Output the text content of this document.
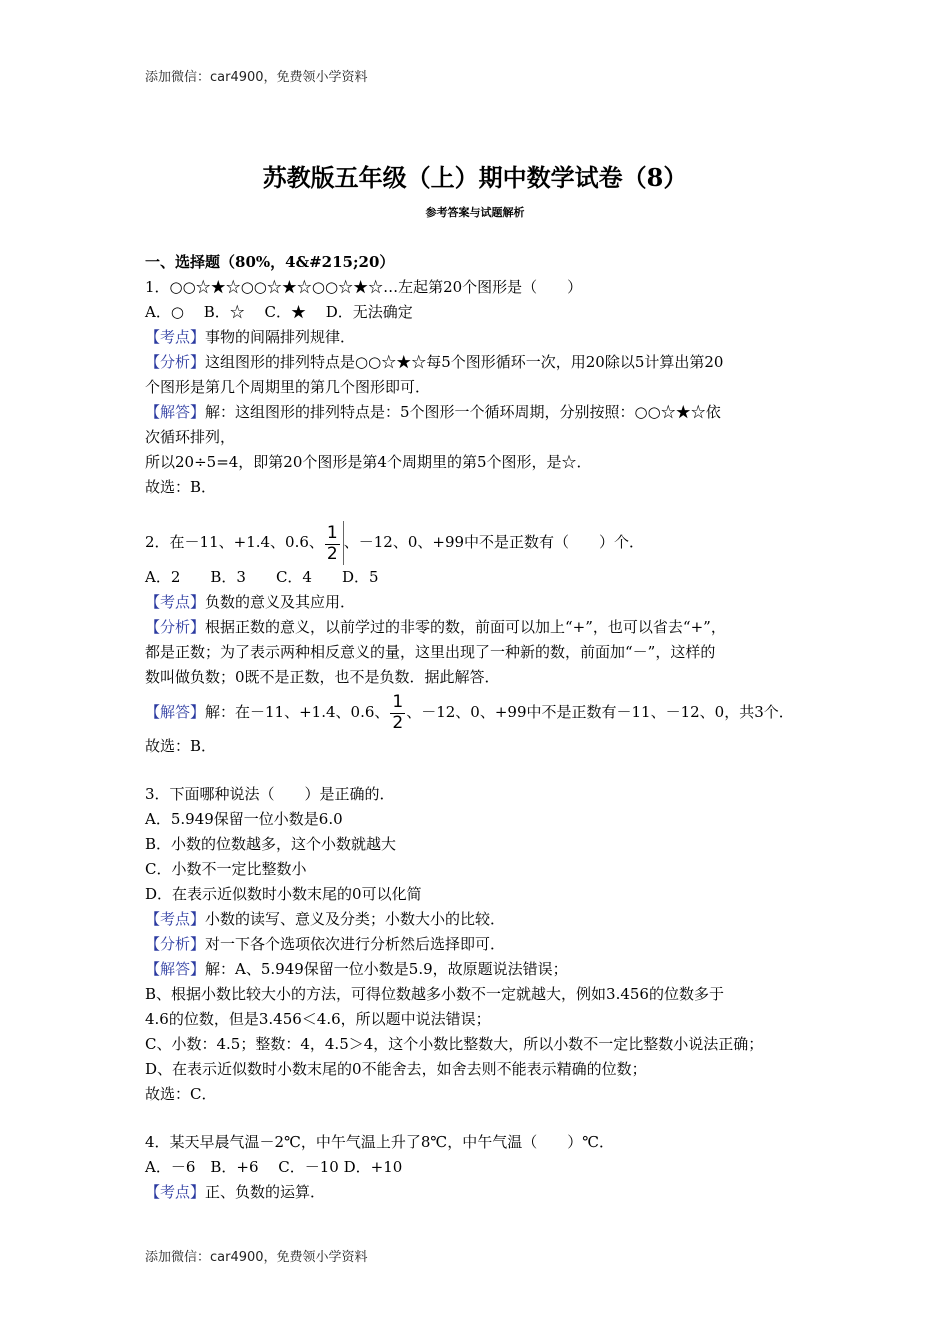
添加微信：car4900，免费领小学资料
苏教版五年级（上）期中数学试卷（8）
参考答案与试题解析

一、选择题（80%，4&#215;20）

1．○○☆★☆○○☆★☆○○☆★☆…左起第20个图形是（　　）

A．○　 B．☆　 C．★　 D．无法确定

【考点】事物的间隔排列规律．

【分析】这组图形的排列特点是○○☆★☆每5个图形循环一次，用20除以5计算出第20

个图形是第几个周期里的第几个图形即可．

【解答】解：这组图形的排列特点是：5个图形一个循环周期，分别按照：○○☆★☆依

次循环排列，

所以20÷5=4，即第20个图形是第4个周期里的第5个图形，是☆．

故选：B．

2．在－11、+1.4、0.6、 $\frac{1}{2}$ 、－12、0、+99中不是正数有（　　）个．

A．2　　B．3　　C．4　　D．5

【考点】负数的意义及其应用．

【分析】根据正数的意义，以前学过的非零的数，前面可以加上“+”，也可以省去“+”，

都是正数；为了表示两种相反意义的量，这里出现了一种新的数，前面加“－”，这样的

数叫做负数；0既不是正数，也不是负数．据此解答．

【解答】解：在－11、+1.4、0.6、 $\frac{1}{2}$ 、－12、0、+99中不是正数有－11、－12、0，共3个．

故选：B．

3．下面哪种说法（　　）是正确的．

A．5.949保留一位小数是6.0

B．小数的位数越多，这个小数就越大

C．小数不一定比整数小

D．在表示近似数时小数末尾的0可以化简

【考点】小数的读写、意义及分类；小数大小的比较．

【分析】对一下各个选项依次进行分析然后选择即可．

【解答】解：A、5.949保留一位小数是5.9，故原题说法错误；

B、根据小数比较大小的方法，可得位数越多小数不一定就越大，例如3.456的位数多于

4.6的位数，但是3.456＜4.6，所以题中说法错误；

C、小数：4.5；整数：4，4.5＞4，这个小数比整数大，所以小数不一定比整数小说法正确；

D、在表示近似数时小数末尾的0不能舍去，如舍去则不能表示精确的位数；

故选：C．

4．某天早晨气温－2℃，中午气温上升了8℃，中午气温（　　）℃．

A．－6　B．+6　 C．－10 D．+10

【考点】正、负数的运算．

添加微信：car4900，免费领小学资料
